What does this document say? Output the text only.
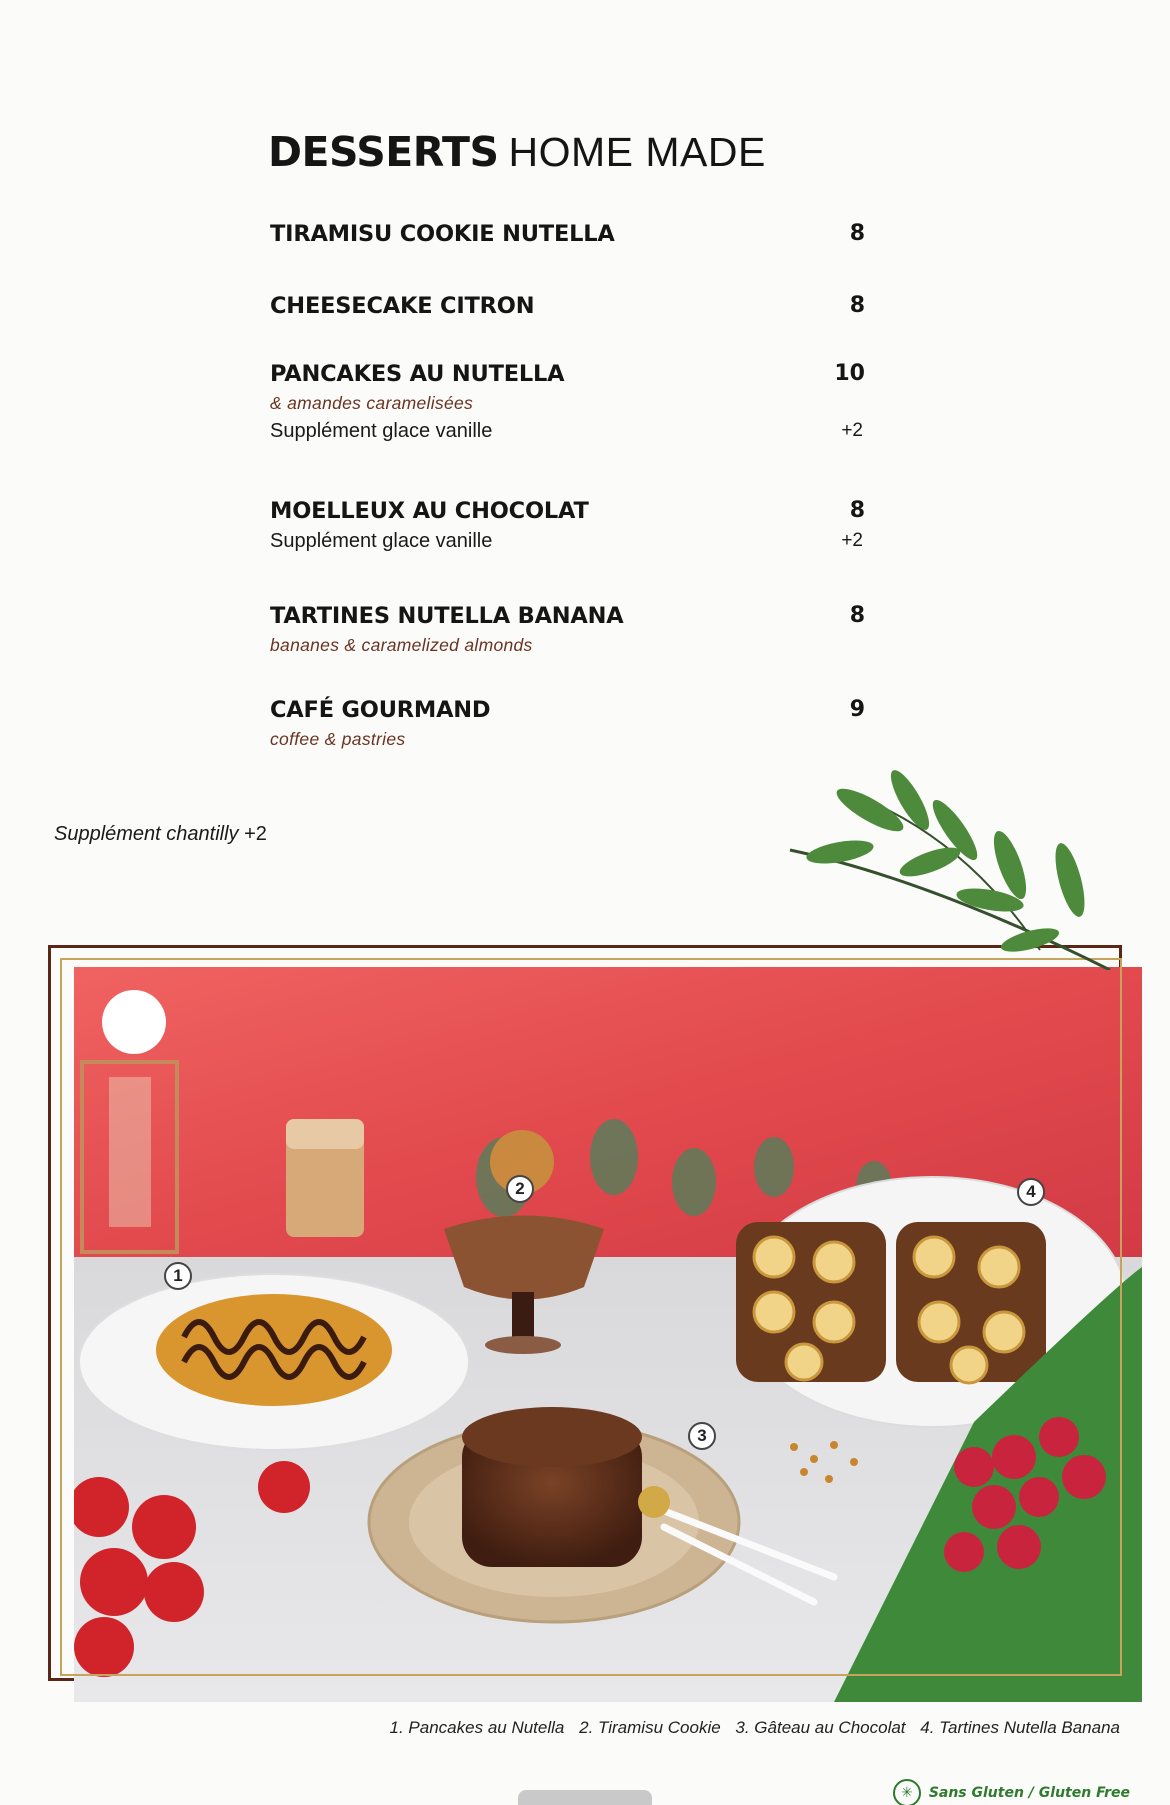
DESSERTS HOME MADE
TIRAMISU COOKIE NUTELLA	8
CHEESECAKE CITRON	8
PANCAKES AU NUTELLA	10
& amandes caramelisées
Supplément glace vanille	+2
MOELLEUX AU CHOCOLAT	8
Supplément glace vanille	+2
TARTINES NUTELLA BANANA	8
bananes & caramelized almonds
CAFÉ GOURMAND	9
coffee & pastries
Supplément chantilly +2
1
2
3
4
1. Pancakes au Nutella 2. Tiramisu Cookie 3. Gâteau au Chocolat 4. Tartines Nutella Banana
✳	Sans Gluten / Gluten Free
